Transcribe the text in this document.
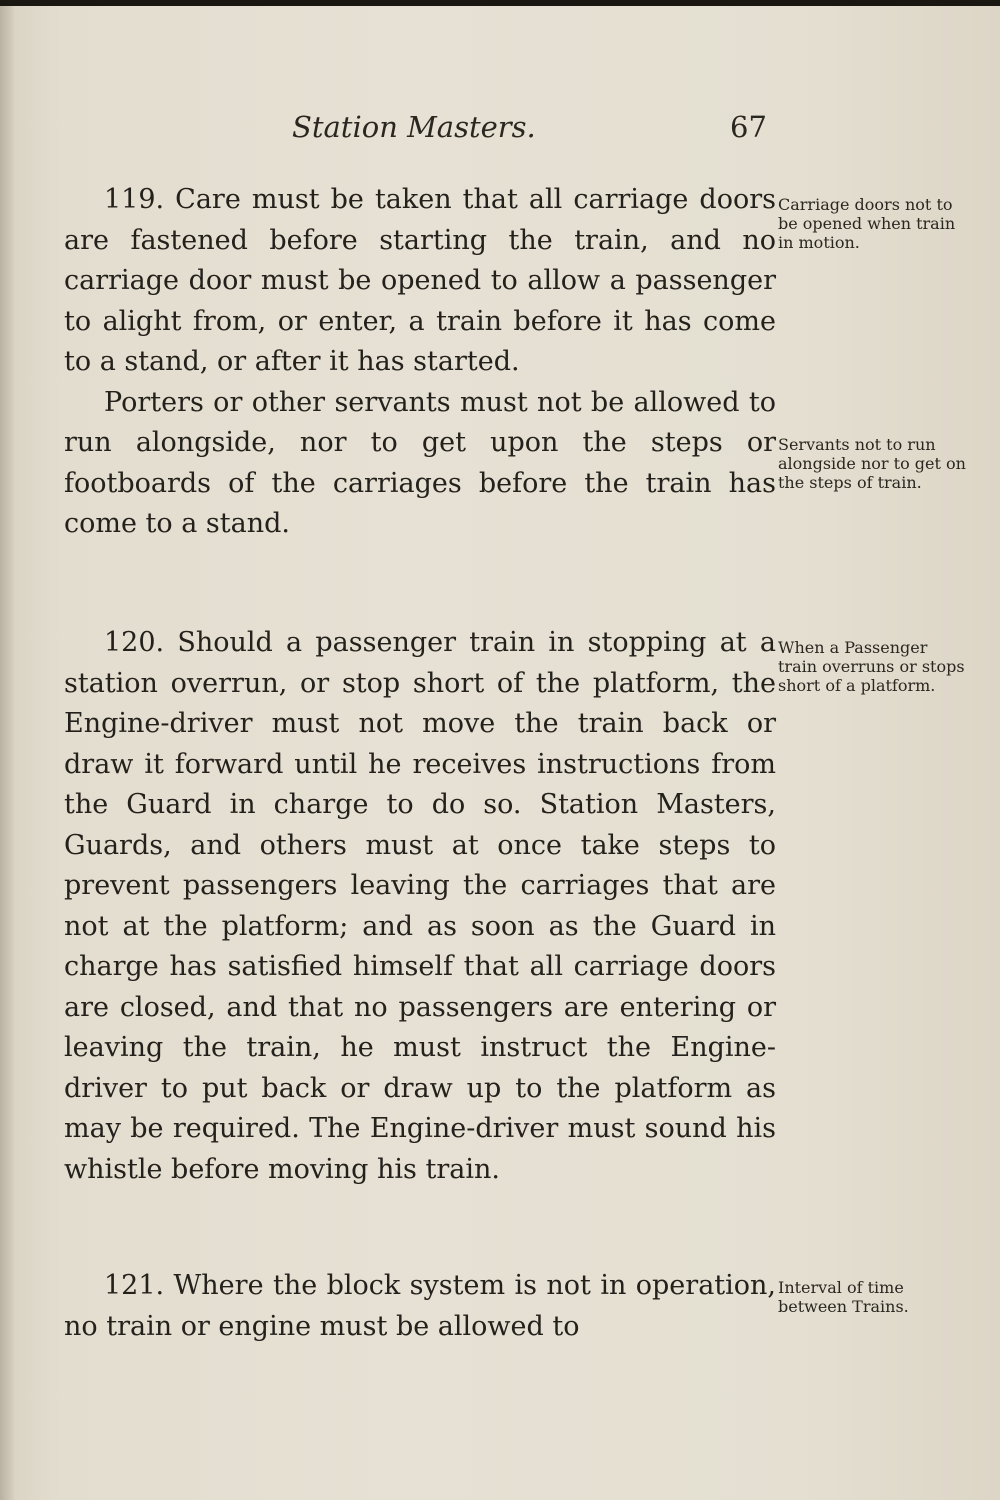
Station Masters.	67

119. Care must be taken that all carriage doors are fastened before starting the train, and no carriage door must be opened to allow a passenger to alight from, or enter, a train before it has come to a stand, or after it has started.

Porters or other servants must not be allowed to run alongside, nor to get upon the steps or footboards of the carriages before the train has come to a stand.

Carriage doors not to be opened when train in motion.

Servants not to run alongside nor to get on the steps of train.

120. Should a passenger train in stopping at a station overrun, or stop short of the platform, the Engine-driver must not move the train back or draw it forward until he receives instructions from the Guard in charge to do so. Station Masters, Guards, and others must at once take steps to prevent passengers leaving the carriages that are not at the platform; and as soon as the Guard in charge has satisfied himself that all carriage doors are closed, and that no passengers are entering or leaving the train, he must instruct the Engine-driver to put back or draw up to the platform as may be required. The Engine-driver must sound his whistle before moving his train.

When a Passenger train overruns or stops short of a platform.

121. Where the block system is not in operation, no train or engine must be allowed to

Interval of time between Trains.
